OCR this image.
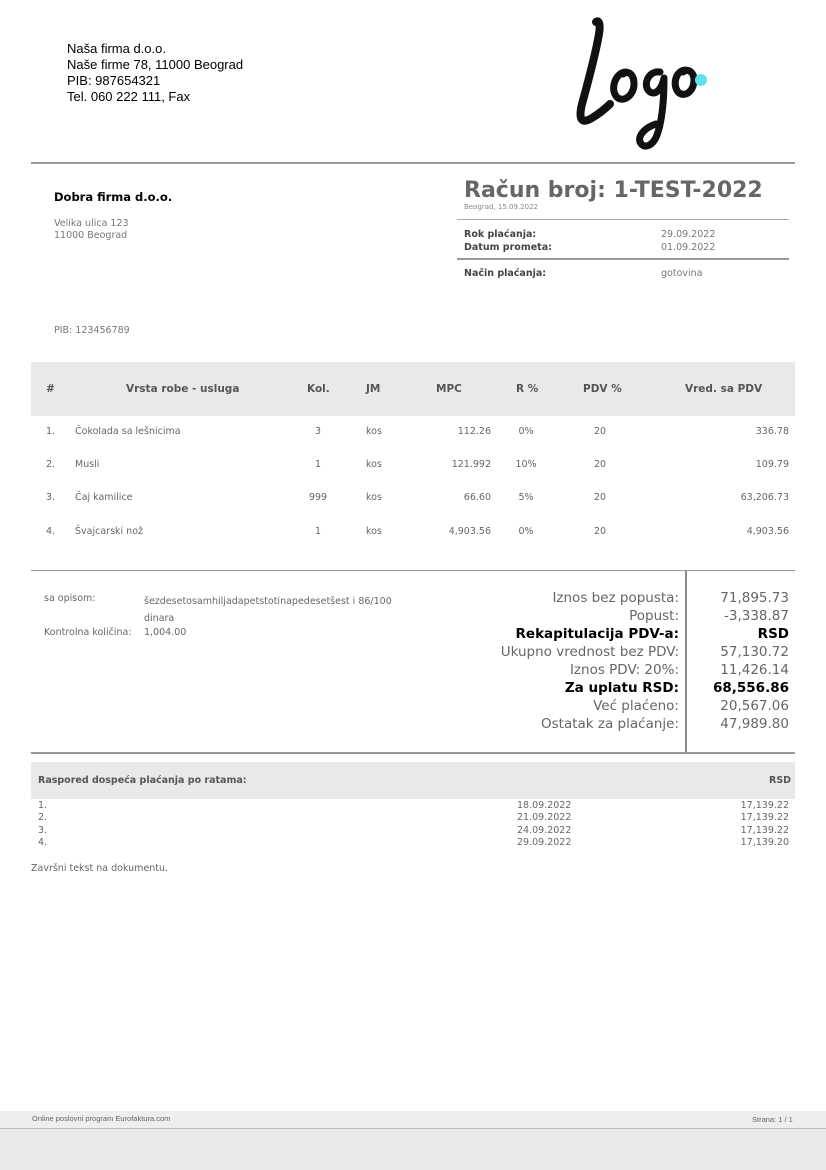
Naša firma d.o.o.
Naše firme 78, 11000 Beograd
PIB: 987654321
Tel. 060 222 111, Fax
Dobra firma d.o.o.
Velika ulica 123
11000 Beograd
PIB: 123456789
Račun broj: 1-TEST-2022
Beograd, 15.09.2022
Rok plaćanja:	29.09.2022
Datum prometa:	01.09.2022
Način plaćanja:	gotovina
#	Vrsta robe - usluga	Kol.	JM	MPC	R %	PDV %	Vred. sa PDV
1. Čokolada sa lešnicima	3	kos	112.26	0%	20	336.78
2. Musli	1	kos	121.992	10%	20	109.79
3. Čaj kamilice	999	kos	66.60	5%	20	63,206.73
4. Švajcarski nož	1	kos	4,903.56	0%	20	4,903.56
sa opisom:	šezdesetosamhiljadapetstotinapedesetšest i 86/100
dinara
Kontrolna količina: 1,004.00
Iznos bez popusta:	71,895.73
Popust:	-3,338.87
Rekapitulacija PDV-a:	RSD
Ukupno vrednost bez PDV:	57,130.72
Iznos PDV: 20%:	11,426.14
Za uplatu RSD:	68,556.86
Već plaćeno:	20,567.06
Ostatak za plaćanje:	47,989.80
Raspored dospeća plaćanja po ratama:	RSD
1.	18.09.2022	17,139.22
2.	21.09.2022	17,139.22
3.	24.09.2022	17,139.22
4.	29.09.2022	17,139.20
Završni tekst na dokumentu.
Online poslovni program Eurofaktura.com	Strana: 1 / 1
